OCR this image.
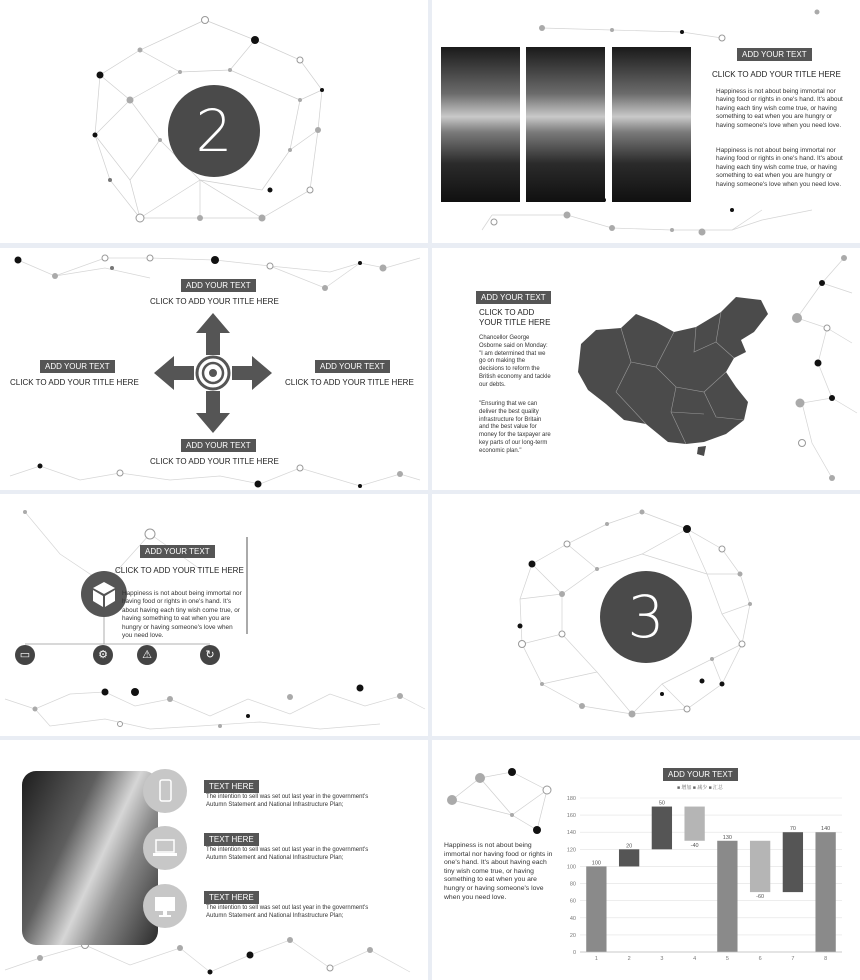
2
ADD YOUR TEXT
CLICK TO ADD YOUR TITLE HERE
Happiness is not about being immortal nor having food or rights in one's hand. It's about having each tiny wish come true, or having something to eat when you are hungry or having someone's love when you need love.
Happiness is not about being immortal nor having food or rights in one's hand. It's about having each tiny wish come true, or having something to eat when you are hungry or having someone's love when you need love.
ADD YOUR TEXT
CLICK TO ADD YOUR TITLE HERE
ADD YOUR TEXT
CLICK TO ADD YOUR TITLE HERE
ADD YOUR TEXT
CLICK TO ADD YOUR TITLE HERE
ADD YOUR TEXT
CLICK TO ADD YOUR TITLE HERE
ADD YOUR TEXT
CLICK TO ADD YOUR TITLE HERE
Chancellor George Osborne said on Monday: "I am determined that we go on making the decisions to reform the British economy and tackle our debts.
"Ensuring that we can deliver the best quality infrastructure for Britain and the best value for money for the taxpayer are key parts of our long-term economic plan."
ADD YOUR TEXT
CLICK TO ADD YOUR TITLE HERE
Happiness is not about being immortal nor having food or rights in one's hand. It's about having each tiny wish come true, or having something to eat when you are hungry or having someone's love when you need love.
▭	⚙	⚠	↻
3
TEXT HERE
The intention to sell was set out last year in the government's Autumn Statement and National Infrastructure Plan;
TEXT HERE
The intention to sell was set out last year in the government's Autumn Statement and National Infrastructure Plan;
TEXT HERE
The intention to sell was set out last year in the government's Autumn Statement and National Infrastructure Plan;
Happiness is not about being immortal nor having food or rights in one's hand. It's about having each tiny wish come true, or having something to eat when you are hungry or having someone's love when you need love.
ADD YOUR TEXT
■ 增加 ■ 减少 ■ 汇总
0
20
40
60
80
100
120
140
160
180
100
1
20
2
50
3
-40
4
130
5
-60
6
70
7
140
8
